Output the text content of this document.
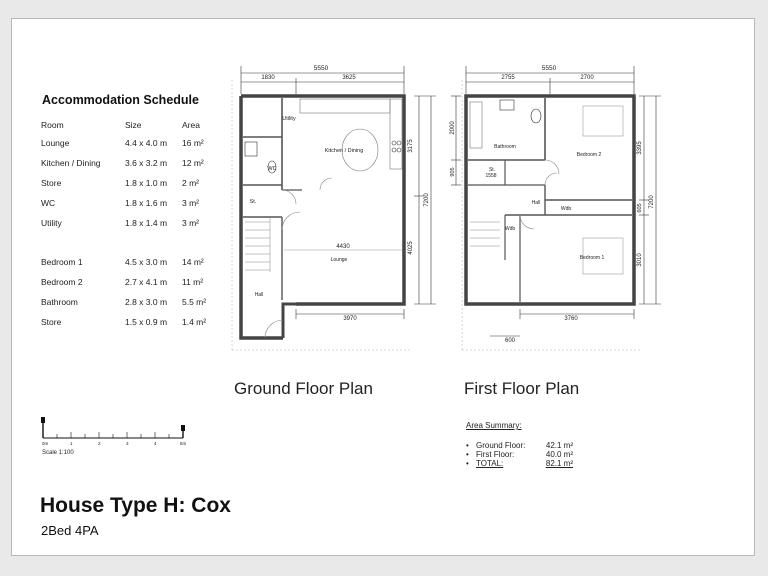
Accommodation Schedule
Room	Size	Area
Lounge	4.4 x 4.0 m	16 m²
Kitchen / Dining	3.6 x 3.2 m	12 m²
Store	1.8 x 1.0 m	2 m²
WC	1.8 x 1.6 m	3 m²
Utility	1.8 x 1.4 m	3 m²

Bedroom 1	4.5 x 3.0 m	14 m²
Bedroom 2	2.7 x 4.1 m	11 m²
Bathroom	2.8 x 3.0 m	5.5 m²
Store	1.5 x 0.9 m	1.4 m²
5550
1830	3625
3175
4025
7200
4430
3970
Kitchen / Dining
WC
Utility
St.
Lounge
Hall
Ground Floor Plan
5550
2755	2700
3395
605
3010
7200
2000
905
3760
600
Bathroom
Bedroom 2
Bedroom 1
St.
1558
Hall
Wdb
Wdb
First Floor Plan
0m	1	2	3	4	5m
Scale 1:100
Area Summary:
• Ground Floor:	42.1 m²
• First Floor:	40.0 m²
• TOTAL:	82.1 m²
House Type H: Cox
2Bed 4PA
